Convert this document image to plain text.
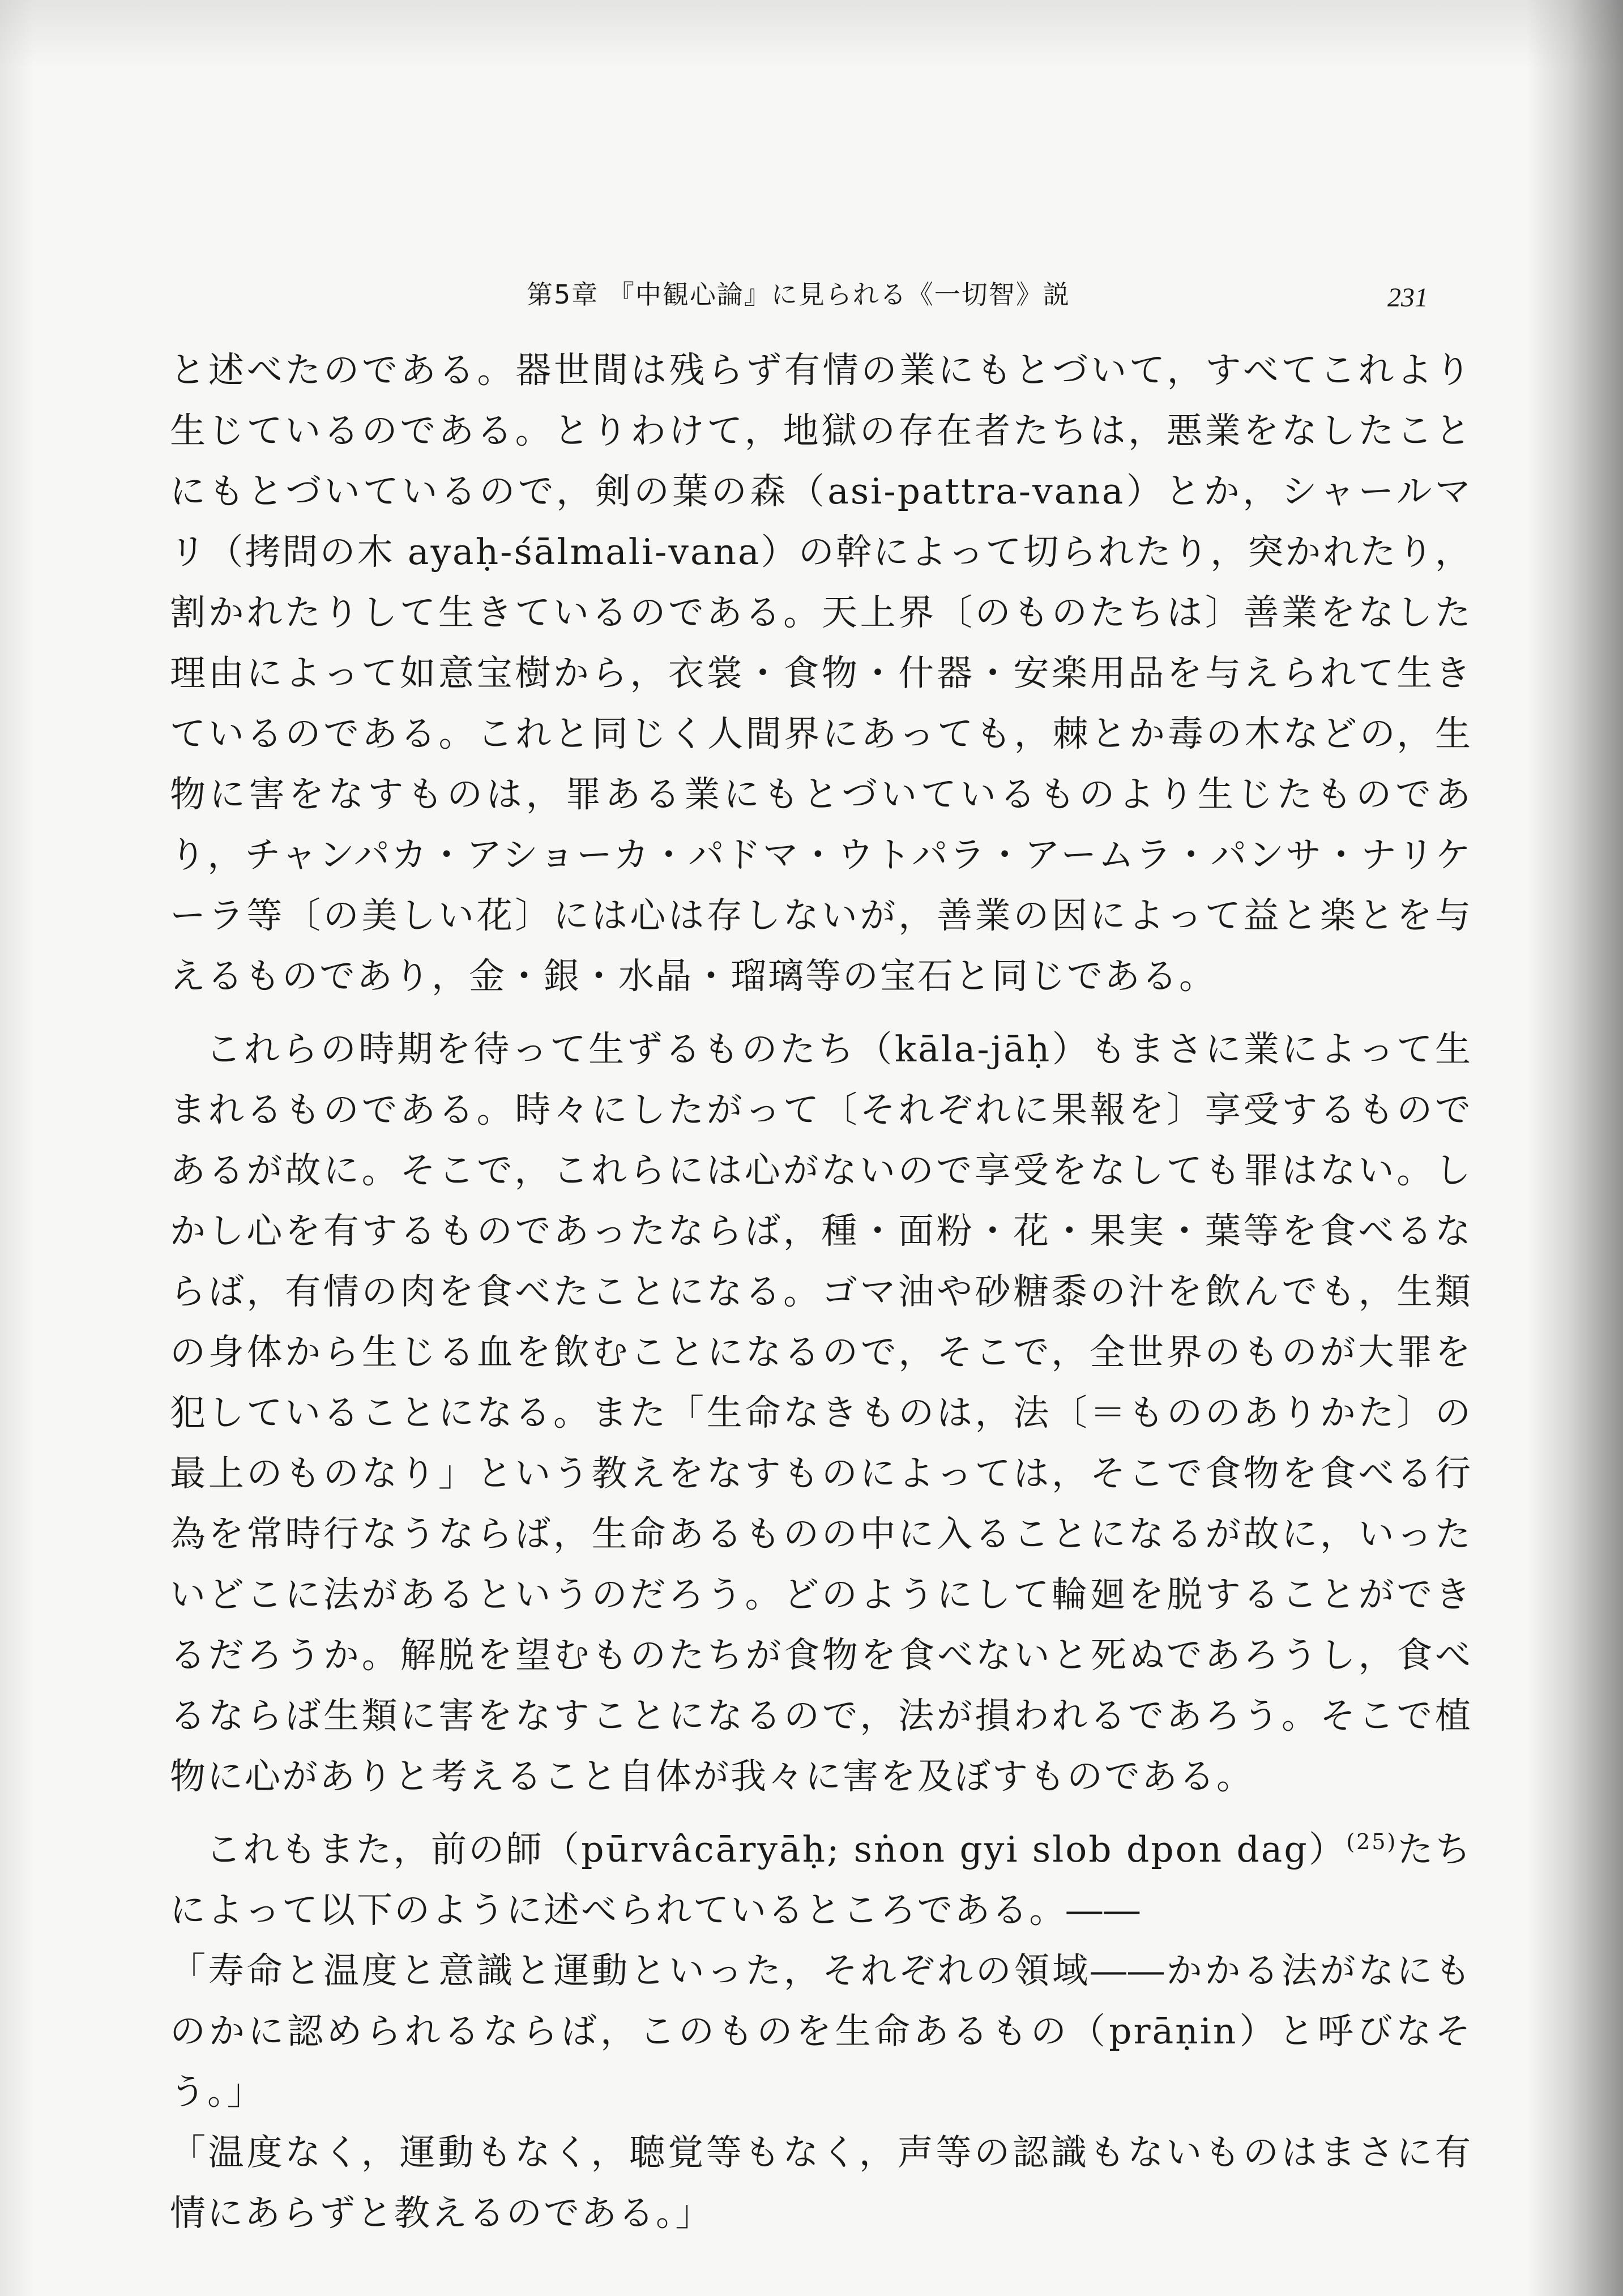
第5章 『中観心論』に見られる《一切智》説	231

と述べたのである。器世間は残らず有情の業にもとづいて，すべてこれより生じているのである。とりわけて，地獄の存在者たちは，悪業をなしたことにもとづいているので，剣の葉の森（asi-pattra-vana）とか，シャールマリ（拷問の木 ayaḥ-śālmali-vana）の幹によって切られたり，突かれたり，割かれたりして生きているのである。天上界〔のものたちは〕善業をなした理由によって如意宝樹から，衣裳・食物・什器・安楽用品を与えられて生きているのである。これと同じく人間界にあっても，棘とか毒の木などの，生物に害をなすものは，罪ある業にもとづいているものより生じたものであり，チャンパカ・アショーカ・パドマ・ウトパラ・アームラ・パンサ・ナリケーラ等〔の美しい花〕には心は存しないが，善業の因によって益と楽とを与えるものであり，金・銀・水晶・瑠璃等の宝石と同じである。

これらの時期を待って生ずるものたち（kāla-jāḥ）もまさに業によって生まれるものである。時々にしたがって〔それぞれに果報を〕享受するものであるが故に。そこで，これらには心がないので享受をなしても罪はない。しかし心を有するものであったならば，種・面粉・花・果実・葉等を食べるならば，有情の肉を食べたことになる。ゴマ油や砂糖黍の汁を飲んでも，生類の身体から生じる血を飲むことになるので，そこで，全世界のものが大罪を犯していることになる。また「生命なきものは，法〔＝もののありかた〕の最上のものなり」という教えをなすものによっては，そこで食物を食べる行為を常時行なうならば，生命あるものの中に入ることになるが故に，いったいどこに法があるというのだろう。どのようにして輪廻を脱することができるだろうか。解脱を望むものたちが食物を食べないと死ぬであろうし，食べるならば生類に害をなすことになるので，法が損われるであろう。そこで植物に心がありと考えること自体が我々に害を及ぼすものである。

これもまた，前の師（pūrvâcāryāḥ; sṅon gyi slob dpon dag）$^{(25)}$たちによって以下のように述べられているところである。――

「寿命と温度と意識と運動といった，それぞれの領域――かかる法がなにものかに認められるならば，このものを生命あるもの（prāṇin）と呼びなそう。」

「温度なく，運動もなく，聴覚等もなく，声等の認識もないものはまさに有情にあらずと教えるのである。」
